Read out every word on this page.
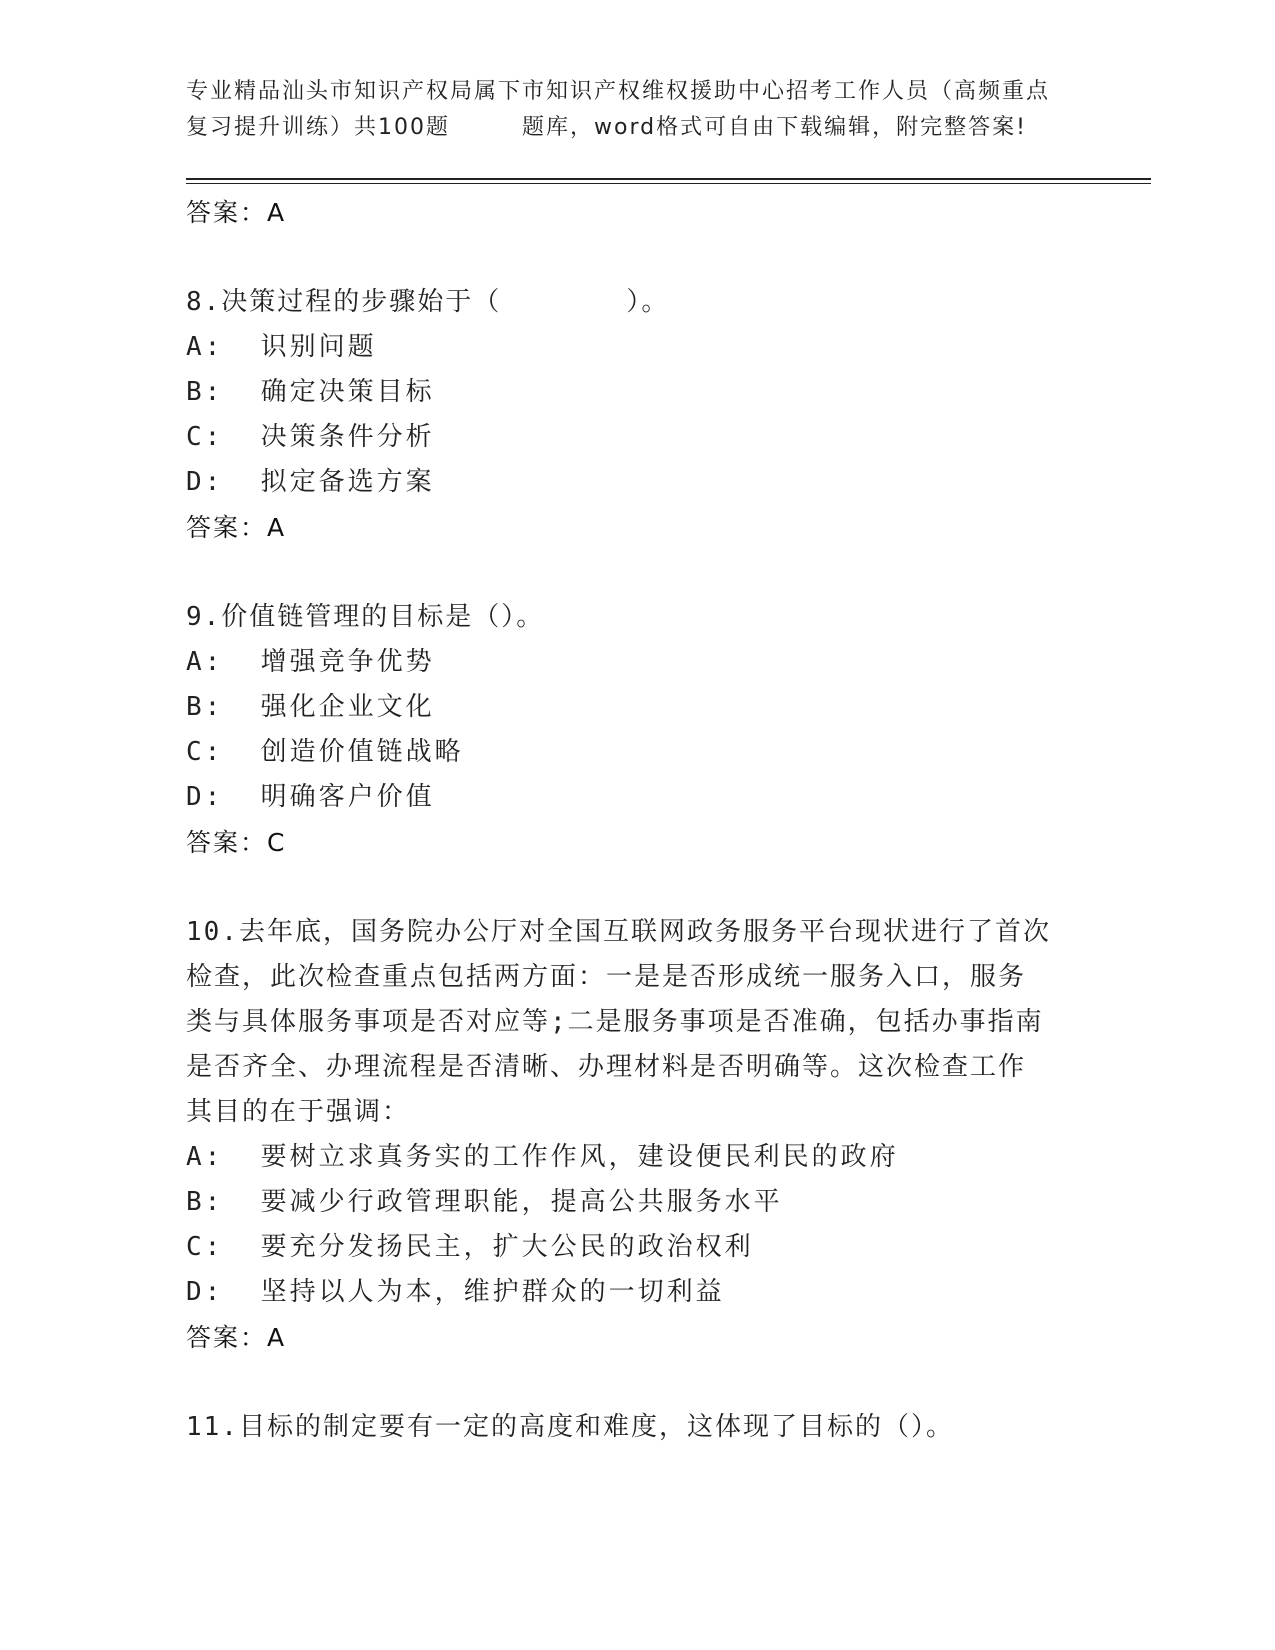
专业精品汕头市知识产权局属下市知识产权维权援助中心招考工作人员（高频重点
复习提升训练）共100题	题库，word格式可自由下载编辑，附完整答案!
答案：A
8.决策过程的步骤始于（	）。
A:  识别问题
B:  确定决策目标
C:  决策条件分析
D:  拟定备选方案
答案：A
9.价值链管理的目标是（）。
A:  增强竞争优势
B:  强化企业文化
C:  创造价值链战略
D:  明确客户价值
答案：C
10.去年底，国务院办公厅对全国互联网政务服务平台现状进行了首次
检查，此次检查重点包括两方面：一是是否形成统一服务入口，服务
类与具体服务事项是否对应等;二是服务事项是否准确，包括办事指南
是否齐全、办理流程是否清晰、办理材料是否明确等。这次检查工作
其目的在于强调：
A:  要树立求真务实的工作作风，建设便民利民的政府
B:  要减少行政管理职能，提高公共服务水平
C:  要充分发扬民主，扩大公民的政治权利
D:  坚持以人为本，维护群众的一切利益
答案：A
11.目标的制定要有一定的高度和难度，这体现了目标的（）。
